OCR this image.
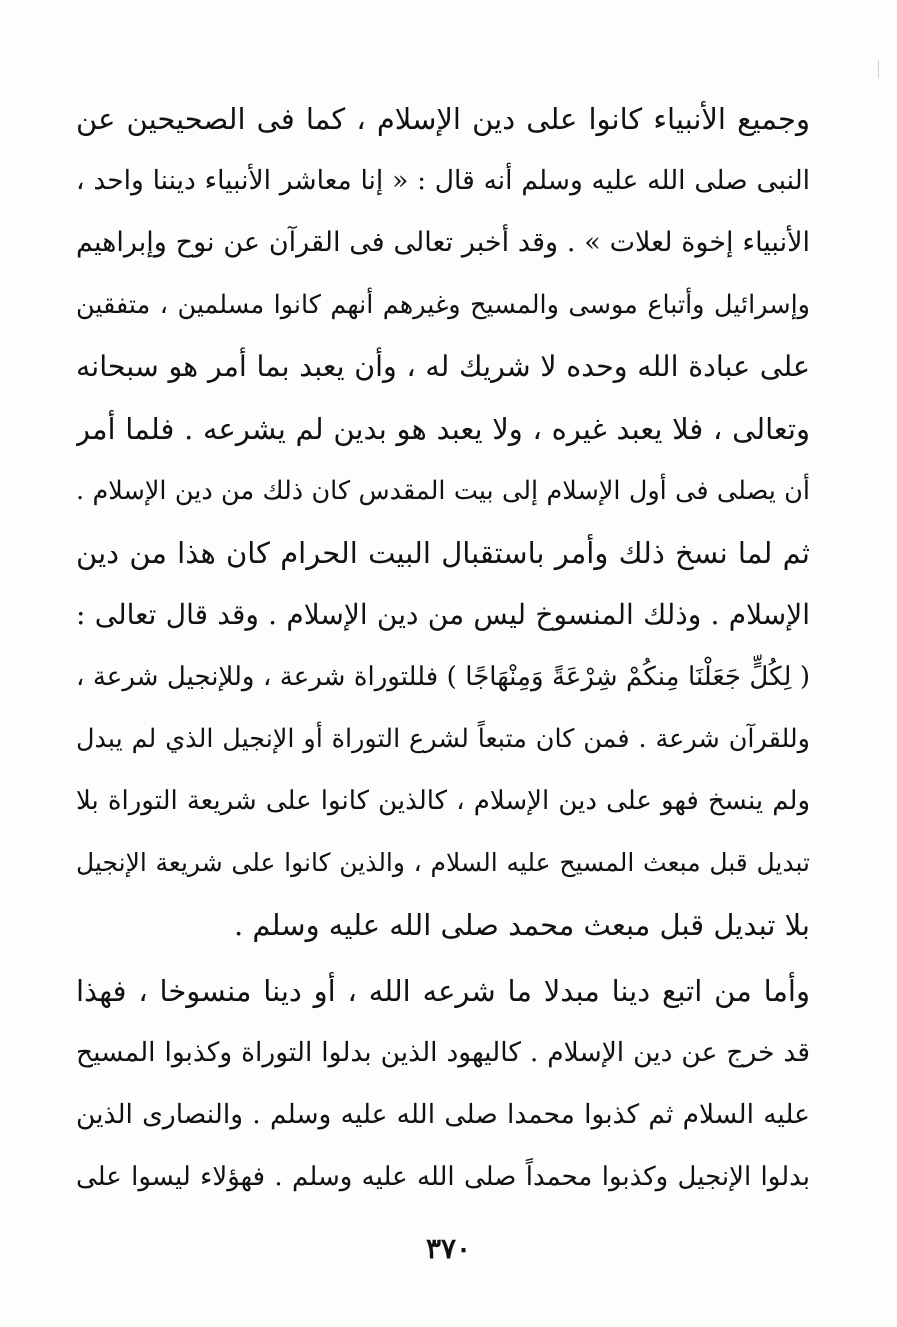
وجميع الأنبياء كانوا على دين الإسلام ، كما فى الصحيحين عن
النبى صلى الله عليه وسلم أنه قال : « إنا معاشر الأنبياء ديننا واحد ،
الأنبياء إخوة لعلات » . وقد أخبر تعالى فى القرآن عن نوح وإبراهيم
وإسرائيل وأتباع موسى والمسيح وغيرهم أنهم كانوا مسلمين ، متفقين
على عبادة الله وحده لا شريك له ، وأن يعبد بما أمر هو سبحانه
وتعالى ، فلا يعبد غيره ، ولا يعبد هو بدين لم يشرعه . فلما أمر
أن يصلى فى أول الإسلام إلى بيت المقدس كان ذلك من دين الإسلام .
ثم لما نسخ ذلك وأمر باستقبال البيت الحرام كان هذا من دين
الإسلام . وذلك المنسوخ ليس من دين الإسلام . وقد قال تعالى :
( لِكُلٍّ جَعَلْنَا مِنكُمْ شِرْعَةً وَمِنْهَاجًا ) فللتوراة شرعة ، وللإنجيل شرعة ،
وللقرآن شرعة . فمن كان متبعاً لشرع التوراة أو الإنجيل الذي لم يبدل
ولم ينسخ فهو على دين الإسلام ، كالذين كانوا على شريعة التوراة بلا
تبديل قبل مبعث المسيح عليه السلام ، والذين كانوا على شريعة الإنجيل
بلا تبديل قبل مبعث محمد صلى الله عليه وسلم .
وأما من اتبع دينا مبدلا ما شرعه الله ، أو دينا منسوخا ، فهذا
قد خرج عن دين الإسلام . كاليهود الذين بدلوا التوراة وكذبوا المسيح
عليه السلام ثم كذبوا محمدا صلى الله عليه وسلم . والنصارى الذين
بدلوا الإنجيل وكذبوا محمداً صلى الله عليه وسلم . فهؤلاء ليسوا على
٣٧٠
